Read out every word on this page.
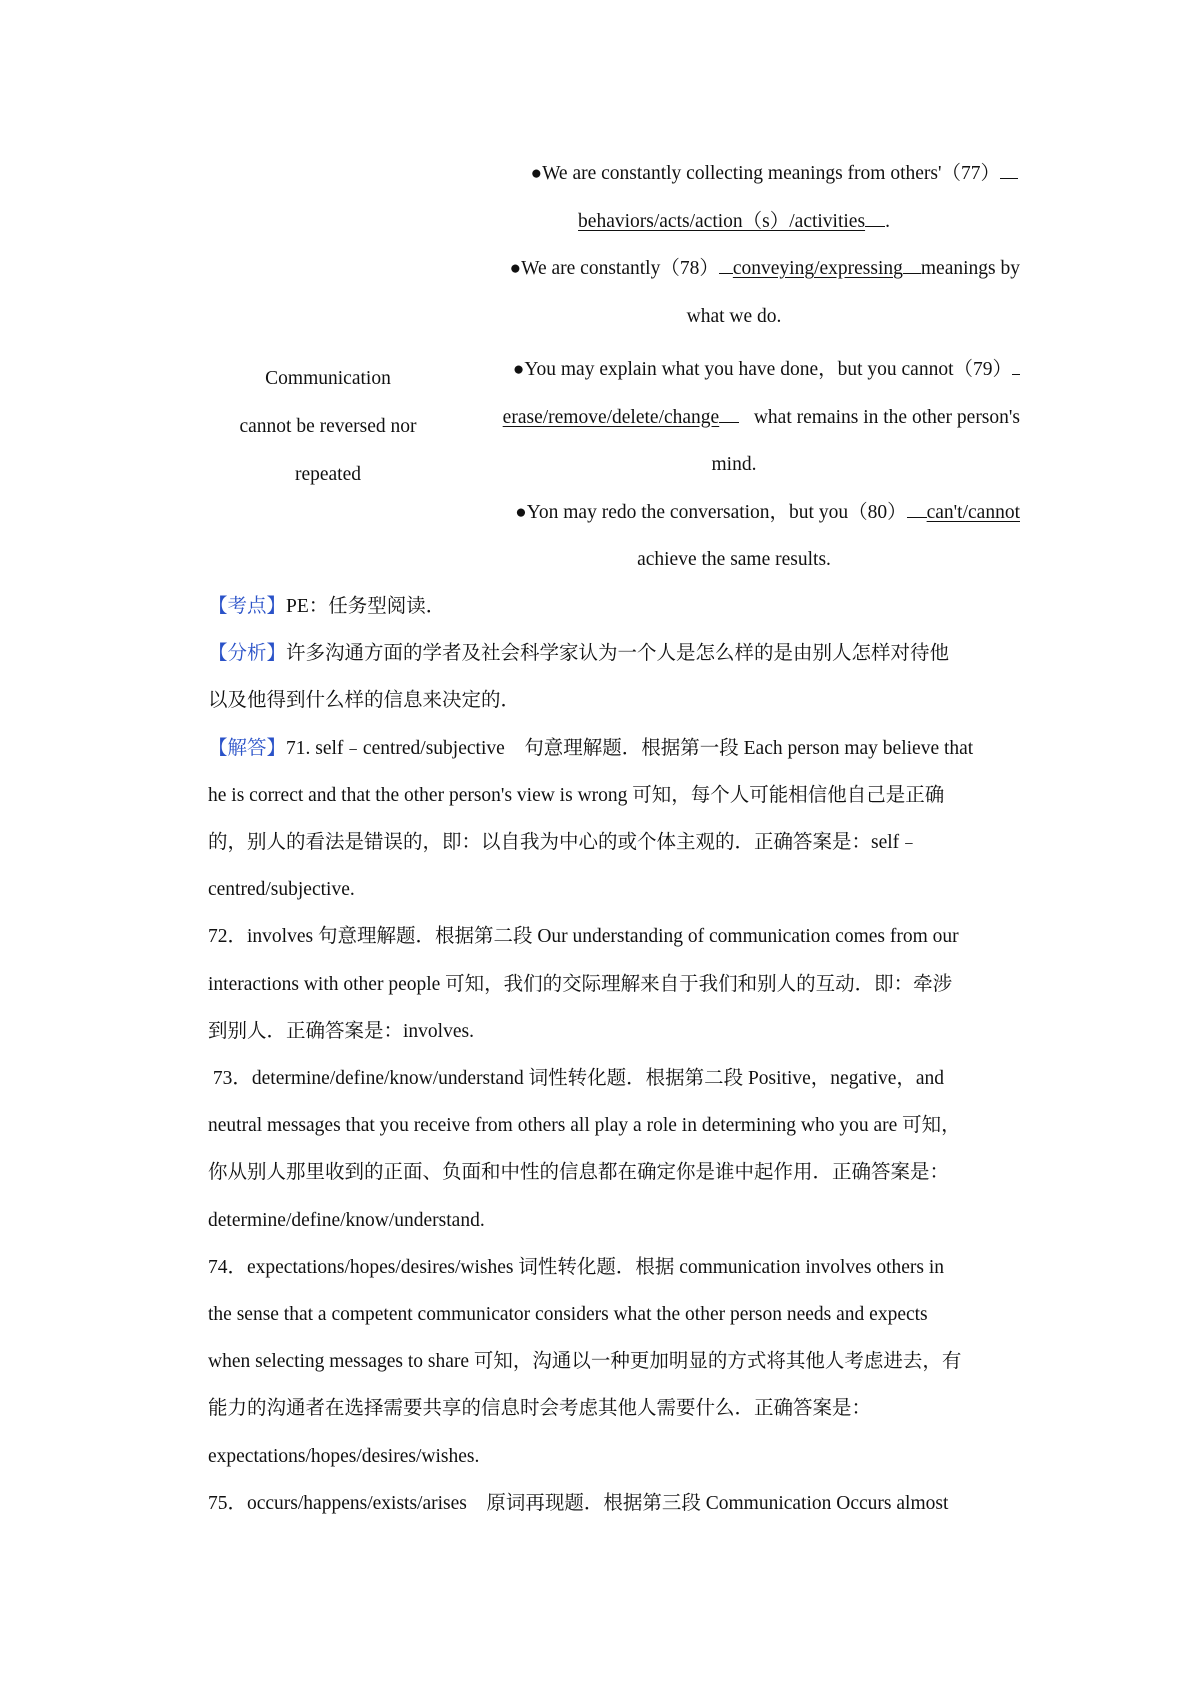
Communication
cannot be reversed nor
repeated
●We are constantly collecting meanings from others'（77）
behaviors/acts/action（s）/activities .
●We are constantly（78） conveying/expressing meanings by
what we do.
●You may explain what you have done，but you cannot（79）
erase/remove/delete/change what remains in the other person's
mind.
●Yon may redo the conversation，but you（80） can't/cannot
achieve the same results.

【考点】PE：任务型阅读．

【分析】许多沟通方面的学者及社会科学家认为一个人是怎么样的是由别人怎样对待他
以及他得到什么样的信息来决定的．

【解答】71. self﹣centred/subjective　句意理解题．根据第一段 Each person may believe that
he is correct and that the other person's view is wrong 可知，每个人可能相信他自己是正确
的，别人的看法是错误的，即：以自我为中心的或个体主观的．正确答案是：self﹣
centred/subjective.

72．involves 句意理解题．根据第二段 Our understanding of communication comes from our
interactions with other people 可知，我们的交际理解来自于我们和别人的互动．即：牵涉
到别人．正确答案是：involves.

73．determine/define/know/understand 词性转化题．根据第二段 Positive，negative，and
neutral messages that you receive from others all play a role in determining who you are 可知，
你从别人那里收到的正面、负面和中性的信息都在确定你是谁中起作用．正确答案是：
determine/define/know/understand.

74．expectations/hopes/desires/wishes 词性转化题．根据 communication involves others in
the sense that a competent communicator considers what the other person needs and expects
when selecting messages to share 可知，沟通以一种更加明显的方式将其他人考虑进去，有
能力的沟通者在选择需要共享的信息时会考虑其他人需要什么．正确答案是：
expectations/hopes/desires/wishes.

75．occurs/happens/exists/arises　原词再现题．根据第三段 Communication Occurs almost
